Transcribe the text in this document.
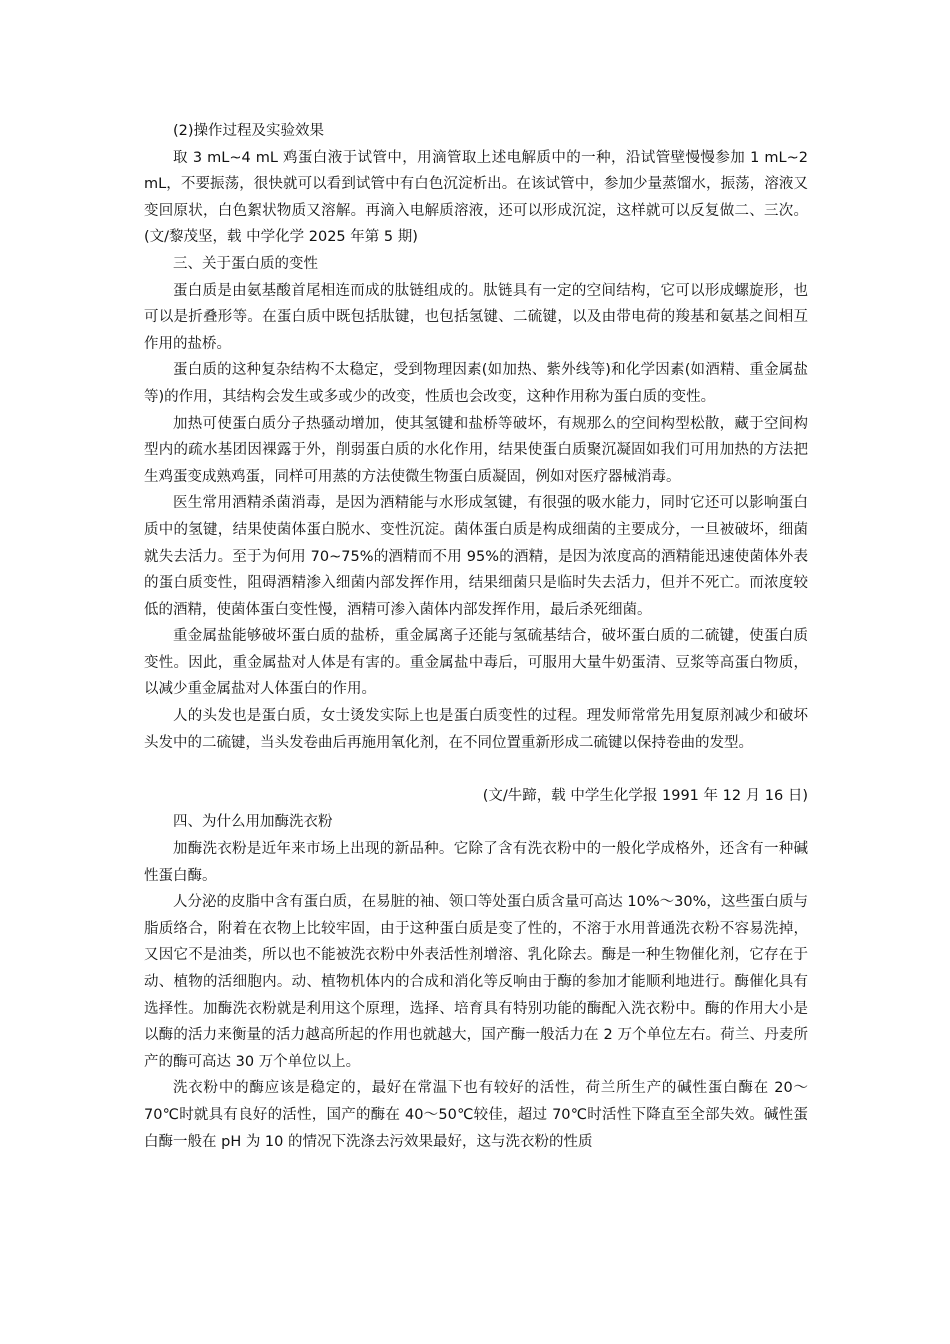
(2)操作过程及实验效果

取 3 mL~4 mL 鸡蛋白液于试管中，用滴管取上述电解质中的一种，沿试管壁慢慢参加 1 mL~2 mL，不要振荡，很快就可以看到试管中有白色沉淀析出。在该试管中，参加少量蒸馏水，振荡，溶液又变回原状，白色絮状物质又溶解。再滴入电解质溶液，还可以形成沉淀，这样就可以反复做二、三次。(文/黎茂坚，载 中学化学 2025 年第 5 期)

三、关于蛋白质的变性

蛋白质是由氨基酸首尾相连而成的肽链组成的。肽链具有一定的空间结构，它可以形成螺旋形，也可以是折叠形等。在蛋白质中既包括肽键，也包括氢键、二硫键，以及由带电荷的羧基和氨基之间相互作用的盐桥。

蛋白质的这种复杂结构不太稳定，受到物理因素(如加热、紫外线等)和化学因素(如酒精、重金属盐等)的作用，其结构会发生或多或少的改变，性质也会改变，这种作用称为蛋白质的变性。

加热可使蛋白质分子热骚动增加，使其氢键和盐桥等破坏，有规那么的空间构型松散，藏于空间构型内的疏水基团因裸露于外，削弱蛋白质的水化作用，结果使蛋白质聚沉凝固如我们可用加热的方法把生鸡蛋变成熟鸡蛋，同样可用蒸的方法使微生物蛋白质凝固，例如对医疗器械消毒。

医生常用酒精杀菌消毒，是因为酒精能与水形成氢键，有很强的吸水能力，同时它还可以影响蛋白质中的氢键，结果使菌体蛋白脱水、变性沉淀。菌体蛋白质是构成细菌的主要成分，一旦被破坏，细菌就失去活力。至于为何用 70~75%的酒精而不用 95%的酒精，是因为浓度高的酒精能迅速使菌体外表的蛋白质变性，阻碍酒精渗入细菌内部发挥作用，结果细菌只是临时失去活力，但并不死亡。而浓度较低的酒精，使菌体蛋白变性慢，酒精可渗入菌体内部发挥作用，最后杀死细菌。

重金属盐能够破坏蛋白质的盐桥，重金属离子还能与氢硫基结合，破坏蛋白质的二硫键，使蛋白质变性。因此，重金属盐对人体是有害的。重金属盐中毒后，可服用大量牛奶蛋清、豆浆等高蛋白物质，以减少重金属盐对人体蛋白的作用。

人的头发也是蛋白质，女士烫发实际上也是蛋白质变性的过程。理发师常常先用复原剂减少和破坏头发中的二硫键，当头发卷曲后再施用氧化剂，在不同位置重新形成二硫键以保持卷曲的发型。

(文/牛蹄，载 中学生化学报 1991 年 12 月 16 日)

四、为什么用加酶洗衣粉

加酶洗衣粉是近年来市场上出现的新品种。它除了含有洗衣粉中的一般化学成格外，还含有一种碱性蛋白酶。

人分泌的皮脂中含有蛋白质，在易脏的袖、领口等处蛋白质含量可高达 10%～30%，这些蛋白质与脂质络合，附着在衣物上比较牢固，由于这种蛋白质是变了性的，不溶于水用普通洗衣粉不容易洗掉，又因它不是油类，所以也不能被洗衣粉中外表活性剂增溶、乳化除去。酶是一种生物催化剂，它存在于动、植物的活细胞内。动、植物机体内的合成和消化等反响由于酶的参加才能顺利地进行。酶催化具有选择性。加酶洗衣粉就是利用这个原理，选择、培育具有特别功能的酶配入洗衣粉中。酶的作用大小是以酶的活力来衡量的活力越高所起的作用也就越大，国产酶一般活力在 2 万个单位左右。荷兰、丹麦所产的酶可高达 30 万个单位以上。

洗衣粉中的酶应该是稳定的，最好在常温下也有较好的活性，荷兰所生产的碱性蛋白酶在 20～70℃时就具有良好的活性，国产的酶在 40～50℃较佳，超过 70℃时活性下降直至全部失效。碱性蛋白酶一般在 pH 为 10 的情况下洗涤去污效果最好，这与洗衣粉的性质
